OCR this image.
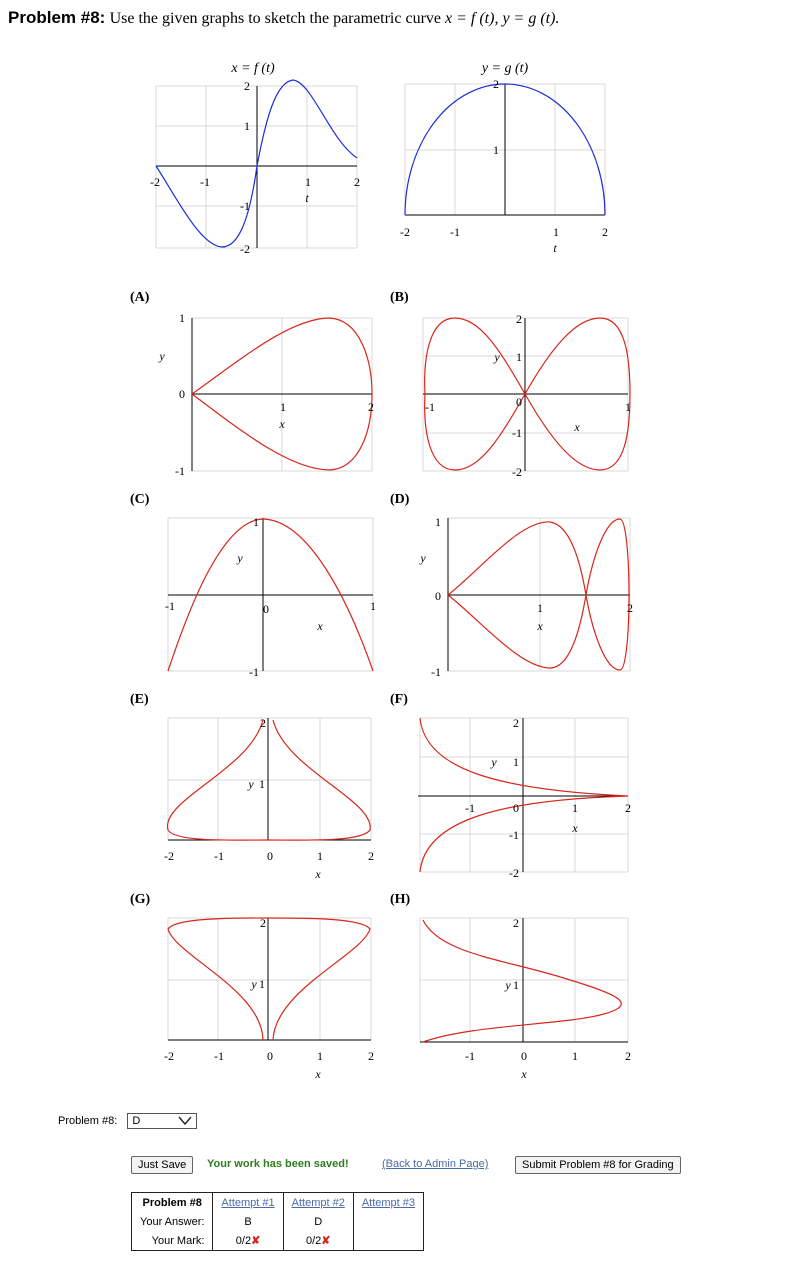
Problem #8: Use the given graphs to sketch the parametric curve x = f (t), y = g (t).
x = f (t)
-2	-1	1	2
2
1
-1
-2
t
y = g (t)
-2	-1	1	2
2
1
t
(A)	(B)
(C)	(D)
(E)	(F)
(G)	(H)
1
0
-1
1	2
x
y
2
1
0
-1
-2
-1	1
x
y
1
0
-1
-1	1
x
y
1
0
-1
1	2
x
y
2
1
-2	-1	0	1	2
x
y
2
1
0
-1
-2
-1	1	2
x
y
2
1
-2	-1	0	1	2
x
y
2
1
-1	0	1	2
x
y
Problem #8: D
Just Save	Your work has been saved!	(Back to Admin Page)	Submit Problem #8 for Grading
Problem #8	Attempt #1	Attempt #2	Attempt #3
Your Answer:	B	D	
Your Mark:	0/2✘	0/2✘	
